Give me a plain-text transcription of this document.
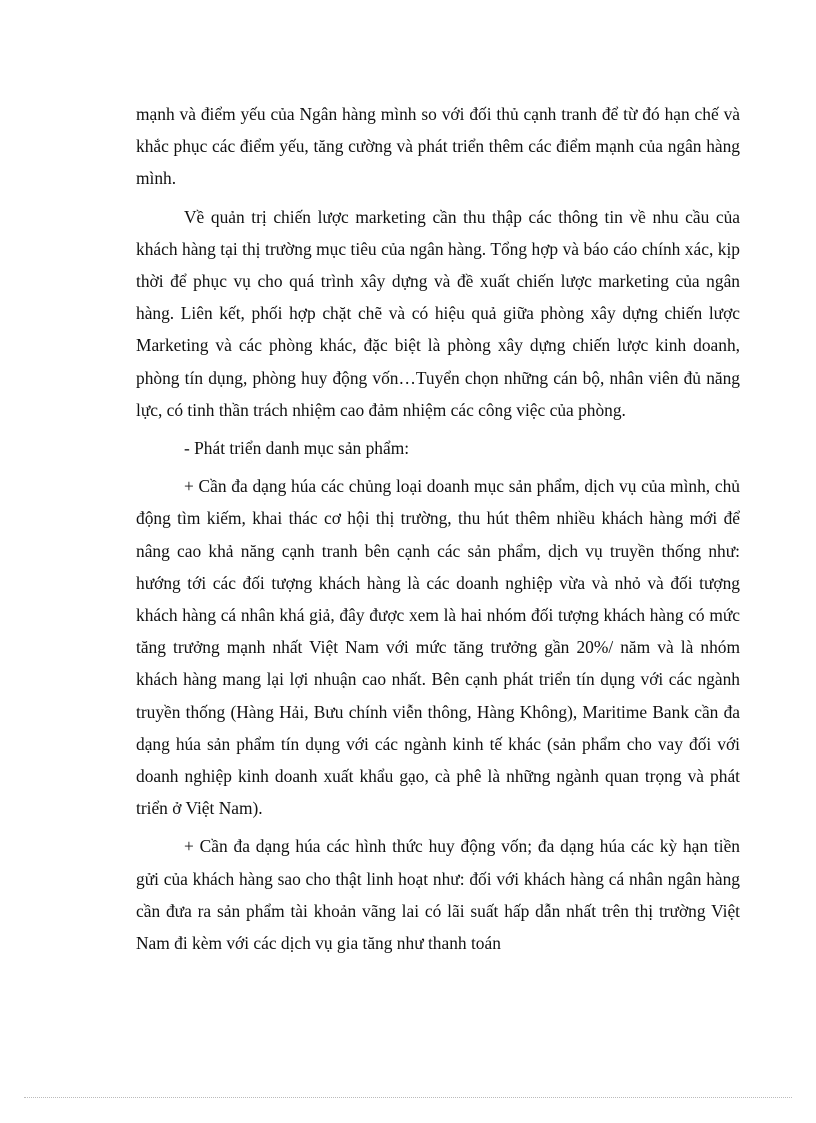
mạnh và điểm yếu của Ngân hàng mình so với đối thủ cạnh tranh để từ đó hạn chế và khắc phục các điểm yếu, tăng cường và phát triển thêm các điểm mạnh của ngân hàng mình.

Về quản trị chiến lược marketing cần thu thập các thông tin về nhu cầu của khách hàng tại thị trường mục tiêu của ngân hàng. Tổng hợp và báo cáo chính xác, kịp thời để phục vụ cho quá trình xây dựng và đề xuất chiến lược marketing của ngân hàng. Liên kết, phối hợp chặt chẽ và có hiệu quả giữa phòng xây dựng chiến lược Marketing và các phòng khác, đặc biệt là phòng xây dựng chiến lược kinh doanh, phòng tín dụng, phòng huy động vốn…Tuyển chọn những cán bộ, nhân viên đủ năng lực, có tinh thần trách nhiệm cao đảm nhiệm các công việc của phòng.

- Phát triển danh mục sản phẩm:

+ Cần đa dạng húa các chủng loại doanh mục sản phẩm, dịch vụ của mình, chủ động tìm kiếm, khai thác cơ hội thị trường, thu hút thêm nhiều khách hàng mới để nâng cao khả năng cạnh tranh bên cạnh các sản phẩm, dịch vụ truyền thống như: hướng tới các đối tượng khách hàng là các doanh nghiệp vừa và nhỏ và đối tượng khách hàng cá nhân khá giả, đây được xem là hai nhóm đối tượng khách hàng có mức tăng trưởng mạnh nhất Việt Nam với mức tăng trưởng gần 20%/ năm và là nhóm khách hàng mang lại lợi nhuận cao nhất. Bên cạnh phát triển tín dụng với các ngành truyền thống (Hàng Hải, Bưu chính viễn thông, Hàng Không), Maritime Bank cần đa dạng húa sản phẩm tín dụng với các ngành kinh tế khác (sản phẩm cho vay đối với doanh nghiệp kinh doanh xuất khẩu gạo, cà phê là những ngành quan trọng và phát triển ở Việt Nam).

+ Cần đa dạng húa các hình thức huy động vốn; đa dạng húa các kỳ hạn tiền gửi của khách hàng sao cho thật linh hoạt như: đối với khách hàng cá nhân ngân hàng cần đưa ra sản phẩm tài khoản vãng lai có lãi suất hấp dẫn nhất trên thị trường Việt Nam đi kèm với các dịch vụ gia tăng như thanh toán
